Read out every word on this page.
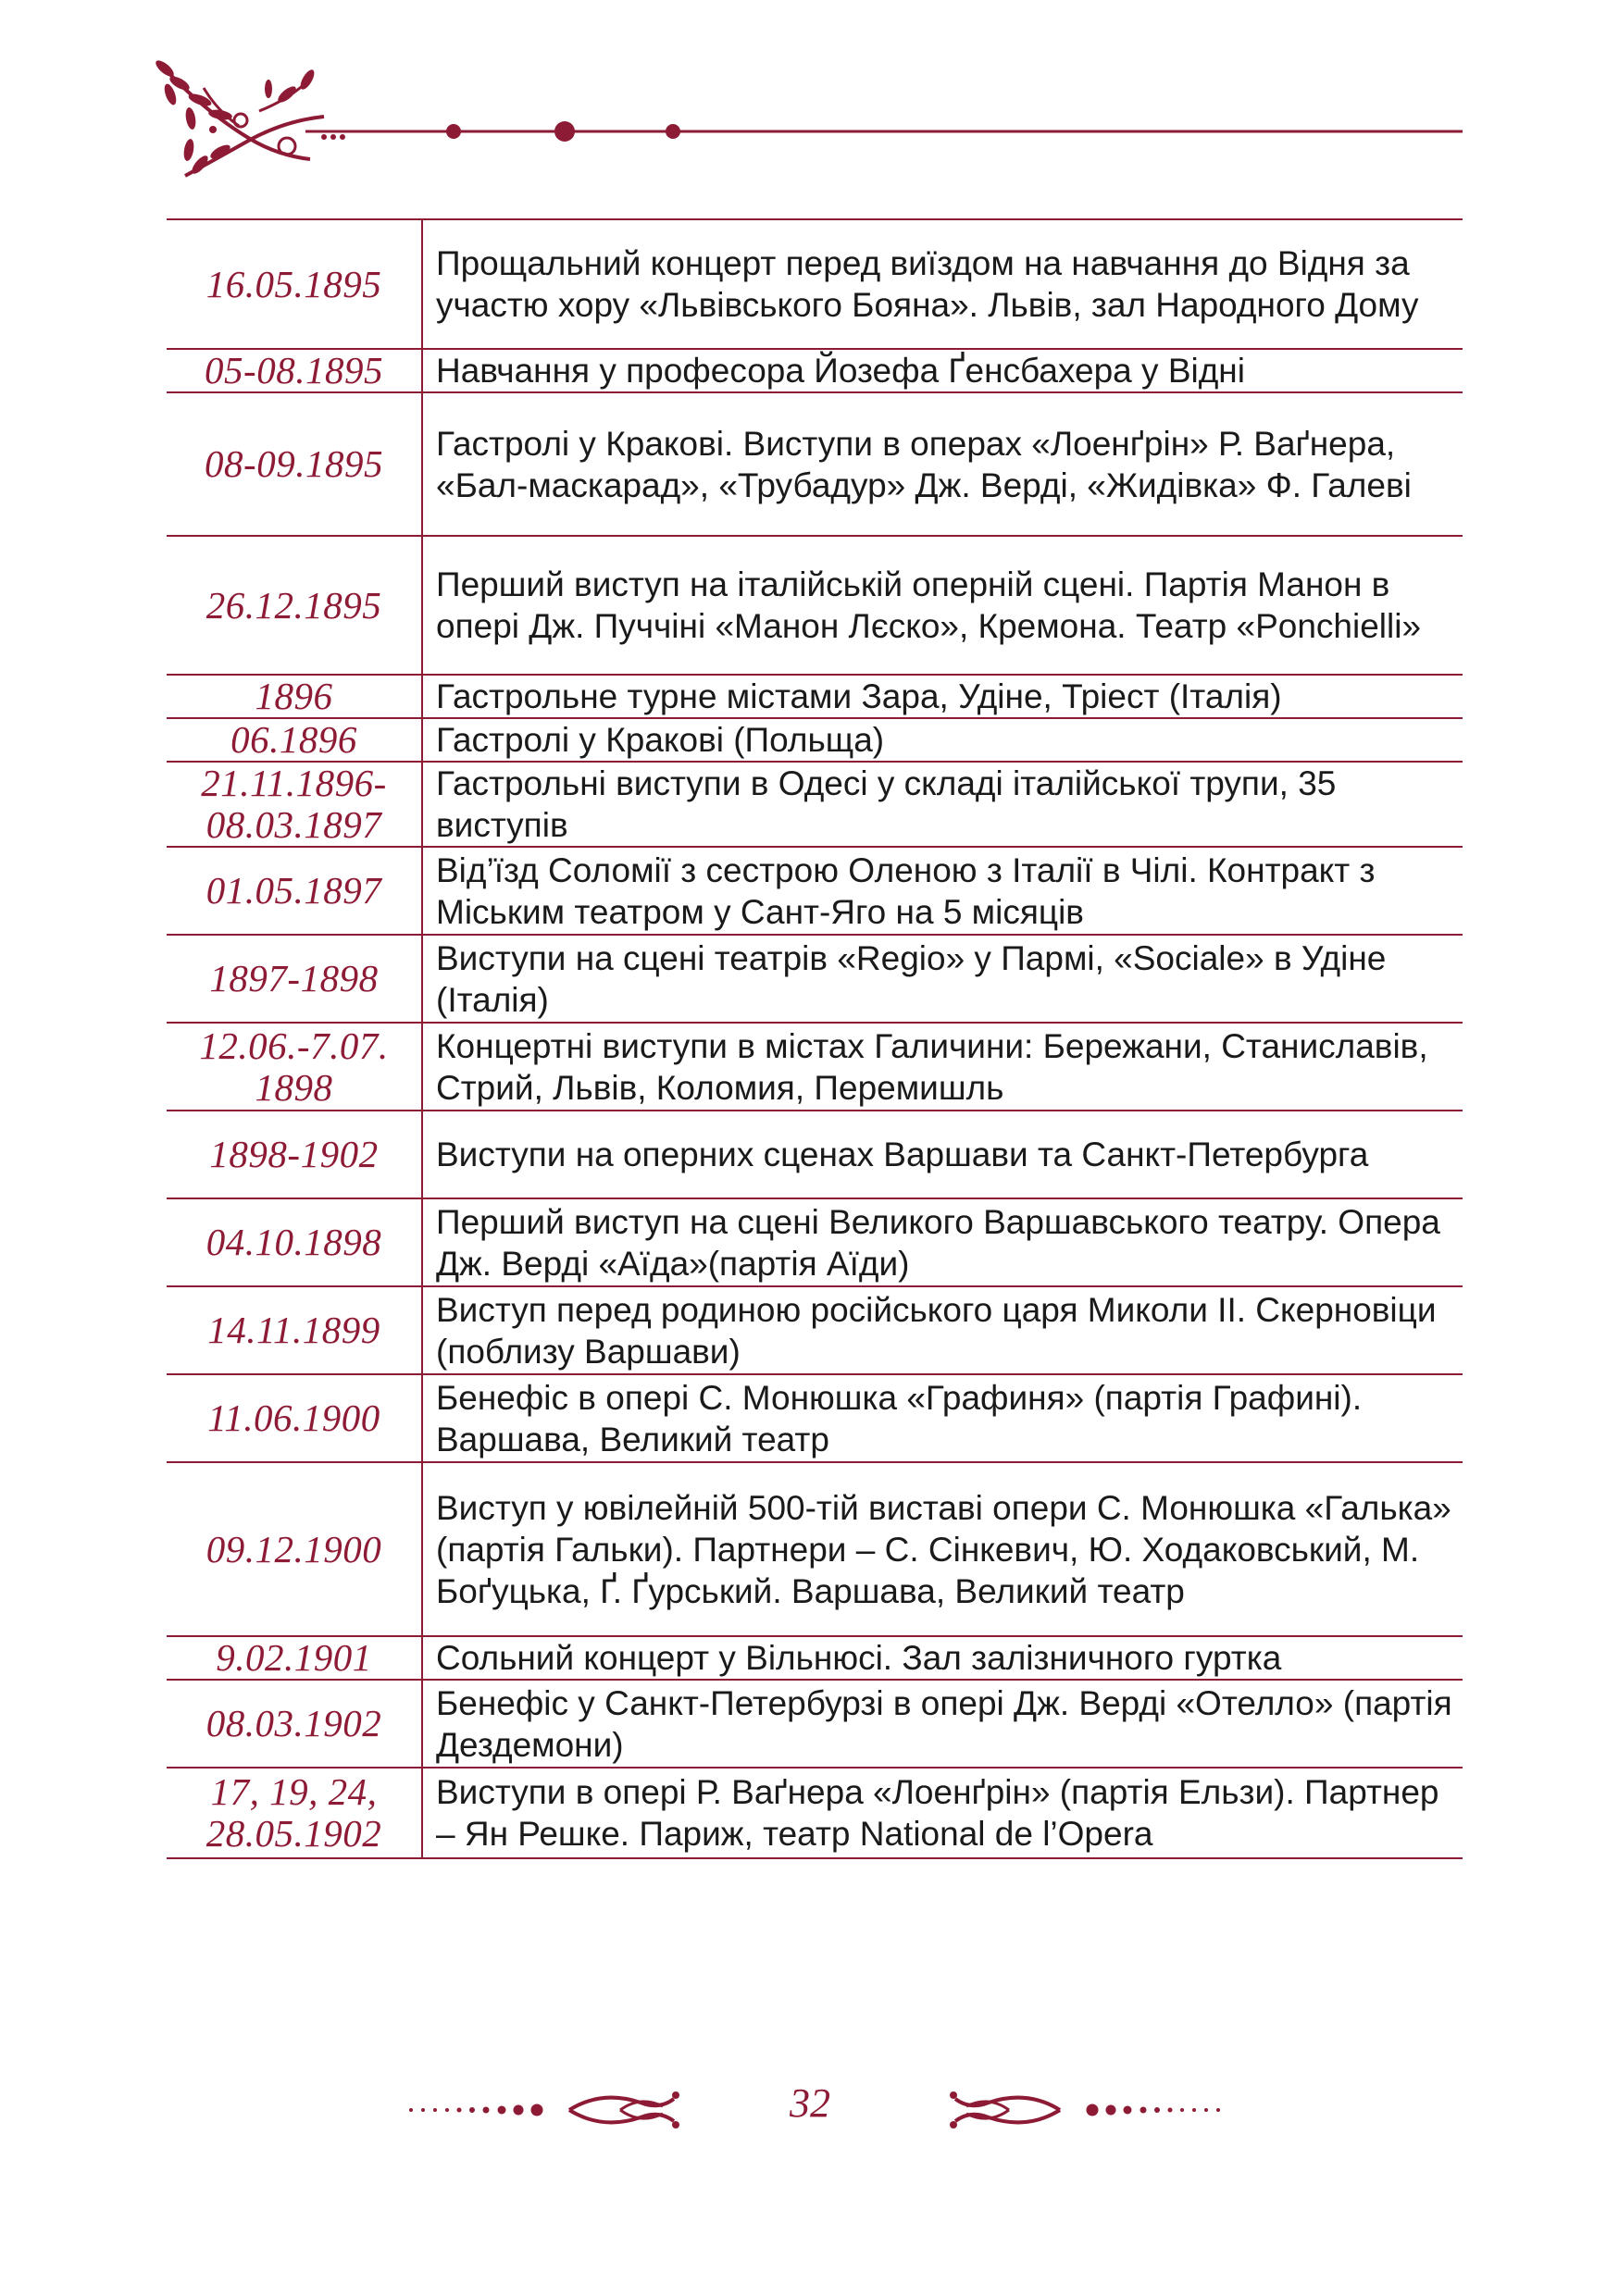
16.05.1895	Прощальний концерт перед виїздом на навчання до Відня за участю хору «Львівського Бояна». Львів, зал Народного Дому

05-08.1895	Навчання у професора Йозефа Ґенсбахера у Відні

08-09.1895	Гастролі у Кракові. Виступи в операх «Лоенґрін» Р. Ваґнера, «Бал-маскарад», «Трубадур» Дж. Верді, «Жидівка» Ф. Галеві

26.12.1895	Перший виступ на італійській оперній сцені. Партія Манон в опері Дж. Пуччіні «Манон Лєско», Кремона. Театр «Ponchielli»

1896	Гастрольне турне містами Зара, Удіне, Тріест (Італія)

06.1896	Гастролі у Кракові (Польща)

21.11.1896- 08.03.1897	Гастрольні виступи в Одесі у складі італійської трупи, 35 виступів

01.05.1897	Від’їзд Соломії з сестрою Оленою з Італії в Чілі. Контракт з Міським театром у Сант-Яго на 5 місяців

1897-1898	Виступи на сцені театрів «Regio» у Пармі, «Sociale» в Удіне (Італія)

12.06.-7.07. 1898	Концертні виступи в містах Галичини: Бережани, Станиславів, Стрий, Львів, Коломия, Перемишль

1898-1902	Виступи на оперних сценах Варшави та Санкт-Петербурга

04.10.1898	Перший виступ на сцені Великого Варшавського театру. Опера Дж. Верді «Аїда»(партія Аїди)

14.11.1899	Виступ перед родиною російського царя Миколи ІІ. Скерновіци (поблизу Варшави)

11.06.1900	Бенефіс в опері С. Монюшка «Графиня» (партія Графині). Варшава, Великий театр

09.12.1900	Виступ у ювілейній 500-тій виставі опери С. Монюшка «Галька» (партія Гальки). Партнери – С. Сінкевич, Ю. Ходаковський, М. Боґуцька, Ґ. Ґурський. Варшава, Великий театр

9.02.1901	Сольний концерт у Вільнюсі. Зал залізничного гуртка

08.03.1902	Бенефіс у Санкт-Петербурзі в опері Дж. Верді «Отелло» (партія Дездемони)

17, 19, 24, 28.05.1902	Виступи в опері Р. Ваґнера «Лоенґрін» (партія Ельзи). Партнер – Ян Решке. Париж, театр National de l’Opera
32
